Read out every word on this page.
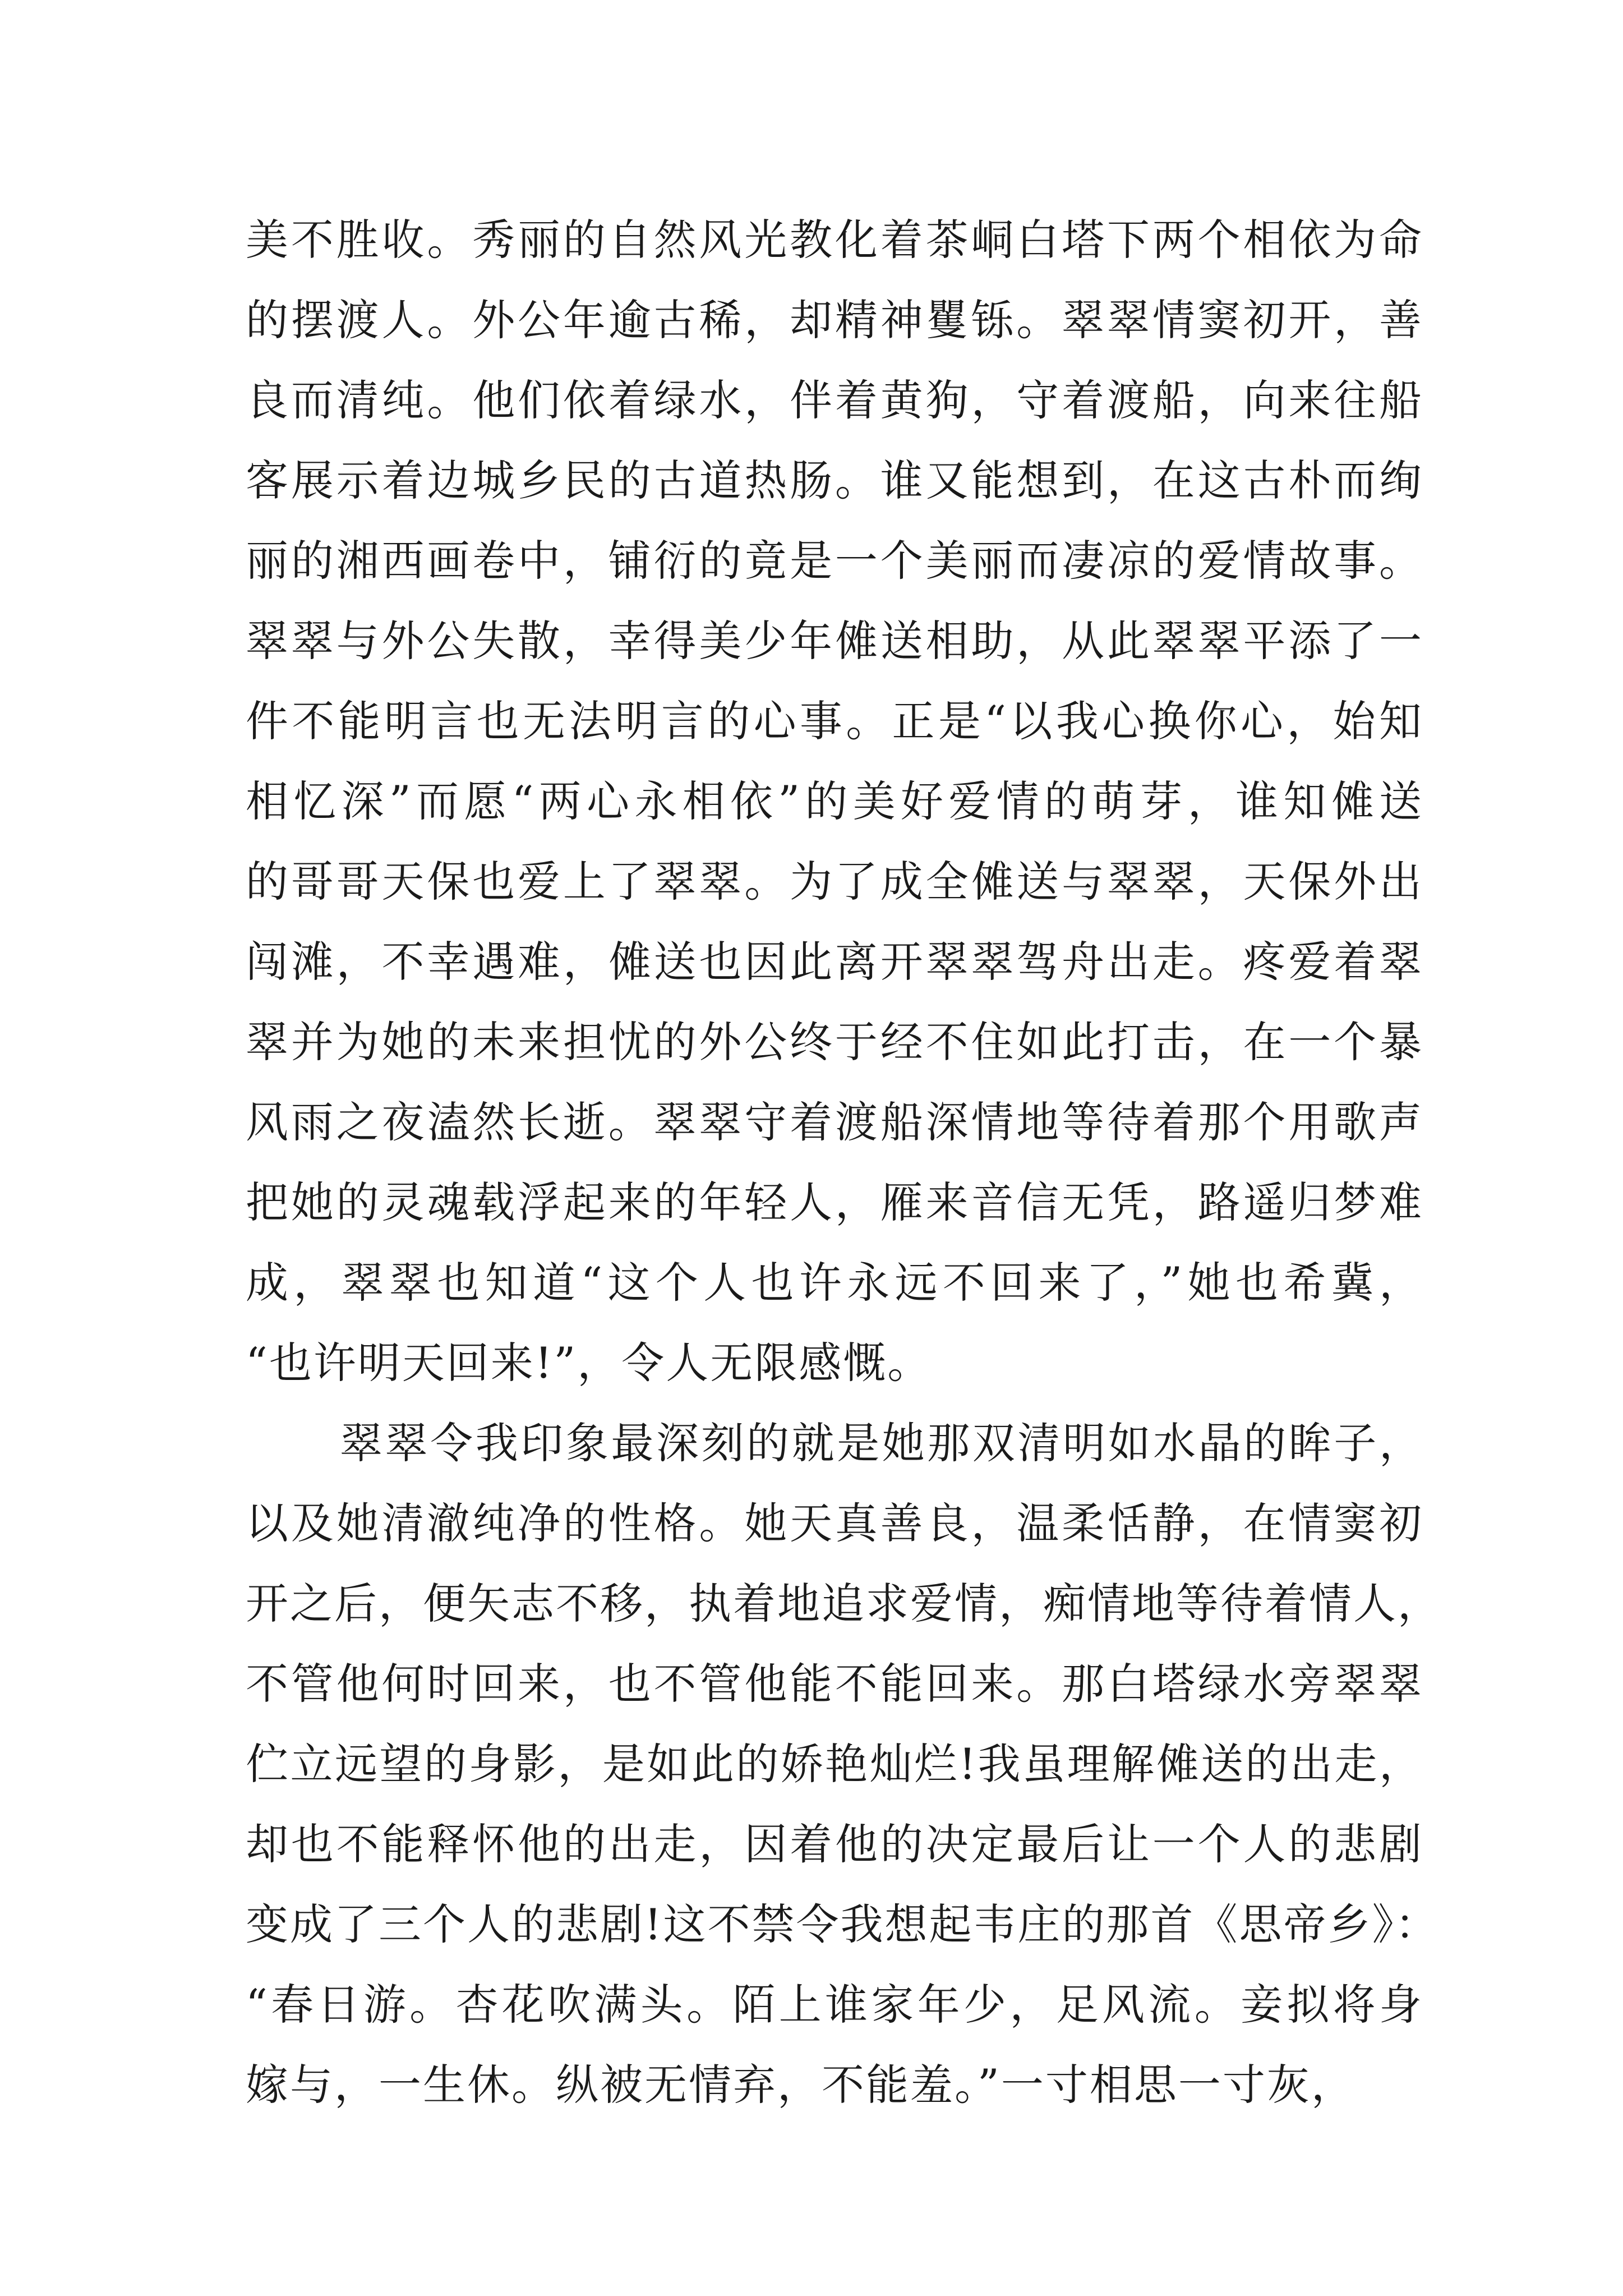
美不胜收。秀丽的自然风光教化着茶峒白塔下两个相依为命
的摆渡人。外公年逾古稀，却精神矍铄。翠翠情窦初开，善
良而清纯。他们依着绿水，伴着黄狗，守着渡船，向来往船
客展示着边城乡民的古道热肠。谁又能想到，在这古朴而绚
丽的湘西画卷中，铺衍的竟是一个美丽而凄凉的爱情故事。
翠翠与外公失散，幸得美少年傩送相助，从此翠翠平添了一
件不能明言也无法明言的心事。正是“以我心换你心，始知
相忆深”而愿“两心永相依”的美好爱情的萌芽，谁知傩送
的哥哥天保也爱上了翠翠。为了成全傩送与翠翠，天保外出
闯滩，不幸遇难，傩送也因此离开翠翠驾舟出走。疼爱着翠
翠并为她的未来担忧的外公终于经不住如此打击，在一个暴
风雨之夜溘然长逝。翠翠守着渡船深情地等待着那个用歌声
把她的灵魂载浮起来的年轻人，雁来音信无凭，路遥归梦难
成，翠翠也知道“这个人也许永远不回来了，”她也希冀，
“也许明天回来!”，令人无限感慨。
翠翠令我印象最深刻的就是她那双清明如水晶的眸子，
以及她清澈纯净的性格。她天真善良，温柔恬静，在情窦初
开之后，便矢志不移，执着地追求爱情，痴情地等待着情人，
不管他何时回来，也不管他能不能回来。那白塔绿水旁翠翠
伫立远望的身影，是如此的娇艳灿烂!我虽理解傩送的出走，
却也不能释怀他的出走，因着他的决定最后让一个人的悲剧
变成了三个人的悲剧!这不禁令我想起韦庄的那首《思帝乡》：
“春日游。杏花吹满头。陌上谁家年少，足风流。妾拟将身
嫁与，一生休。纵被无情弃，不能羞。”一寸相思一寸灰，
